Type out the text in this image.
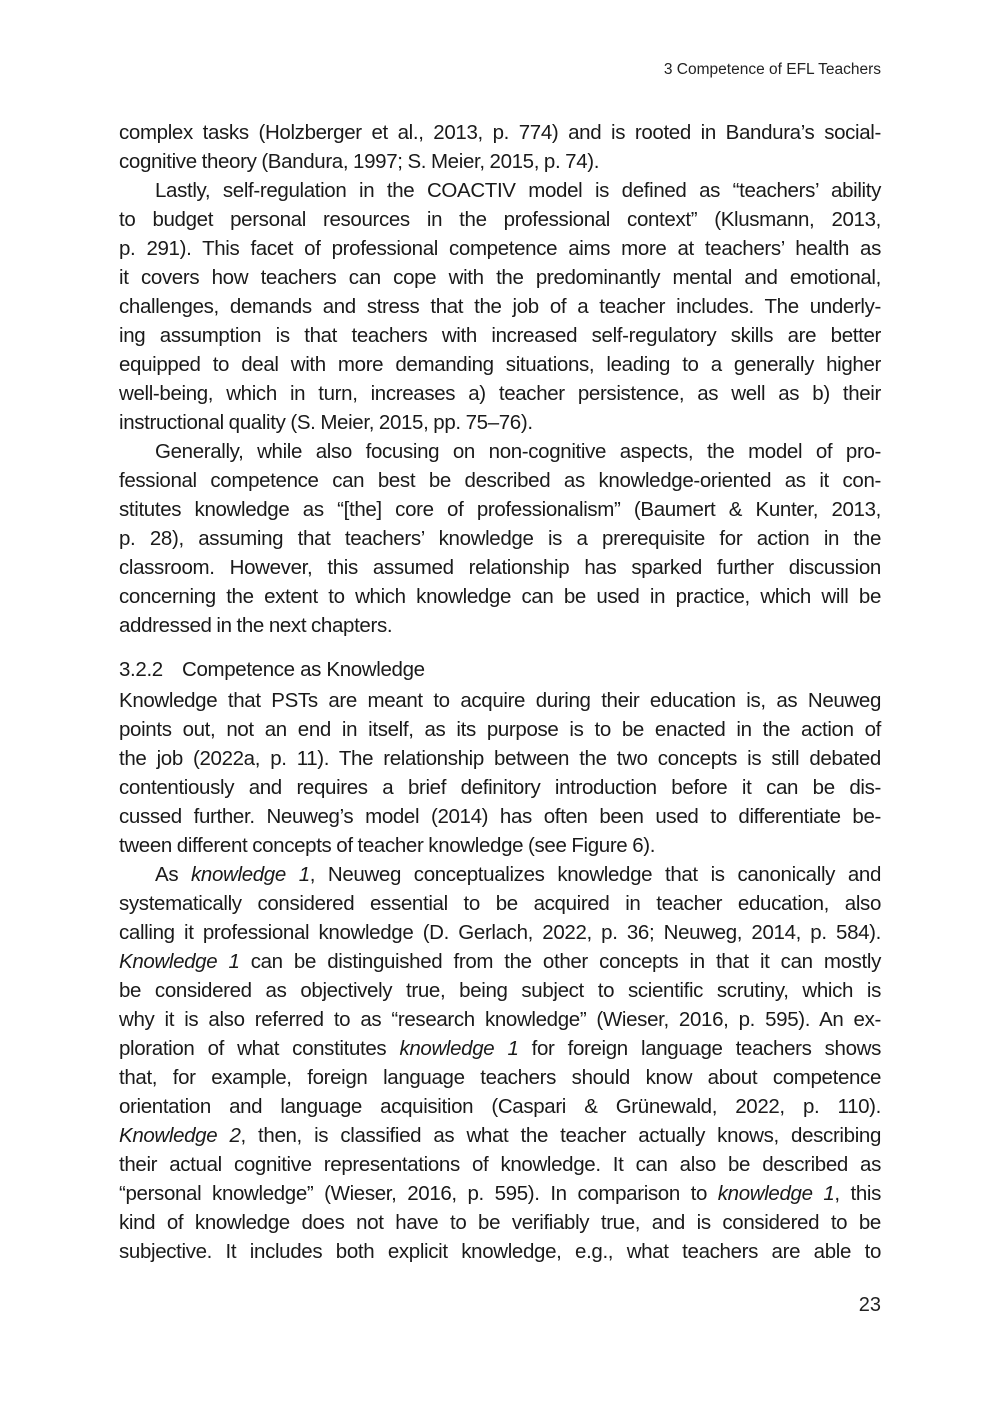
3 Competence of EFL Teachers
complex tasks (Holzberger et al., 2013, p. 774) and is rooted in Bandura’s social-
cognitive theory (Bandura, 1997; S. Meier, 2015, p. 74).
Lastly, self-regulation in the COACTIV model is defined as “teachers’ ability
to budget personal resources in the professional context” (Klusmann, 2013,
p. 291). This facet of professional competence aims more at teachers’ health as
it covers how teachers can cope with the predominantly mental and emotional,
challenges, demands and stress that the job of a teacher includes. The underly-
ing assumption is that teachers with increased self-regulatory skills are better
equipped to deal with more demanding situations, leading to a generally higher
well-being, which in turn, increases a) teacher persistence, as well as b) their
instructional quality (S. Meier, 2015, pp. 75–76).
Generally, while also focusing on non-cognitive aspects, the model of pro-
fessional competence can best be described as knowledge-oriented as it con-
stitutes knowledge as “[the] core of professionalism” (Baumert & Kunter, 2013,
p. 28), assuming that teachers’ knowledge is a prerequisite for action in the
classroom. However, this assumed relationship has sparked further discussion
concerning the extent to which knowledge can be used in practice, which will be
addressed in the next chapters.
3.2.2 Competence as Knowledge
Knowledge that PSTs are meant to acquire during their education is, as Neuweg
points out, not an end in itself, as its purpose is to be enacted in the action of
the job (2022a, p. 11). The relationship between the two concepts is still debated
contentiously and requires a brief definitory introduction before it can be dis-
cussed further. Neuweg’s model (2014) has often been used to differentiate be-
tween different concepts of teacher knowledge (see Figure 6).
As knowledge 1, Neuweg conceptualizes knowledge that is canonically and
systematically considered essential to be acquired in teacher education, also
calling it professional knowledge (D. Gerlach, 2022, p. 36; Neuweg, 2014, p. 584).
Knowledge 1 can be distinguished from the other concepts in that it can mostly
be considered as objectively true, being subject to scientific scrutiny, which is
why it is also referred to as “research knowledge” (Wieser, 2016, p. 595). An ex-
ploration of what constitutes knowledge 1 for foreign language teachers shows
that, for example, foreign language teachers should know about competence
orientation and language acquisition (Caspari & Grünewald, 2022, p. 110).
Knowledge 2, then, is classified as what the teacher actually knows, describing
their actual cognitive representations of knowledge. It can also be described as
“personal knowledge” (Wieser, 2016, p. 595). In comparison to knowledge 1, this
kind of knowledge does not have to be verifiably true, and is considered to be
subjective. It includes both explicit knowledge, e.g., what teachers are able to
23
